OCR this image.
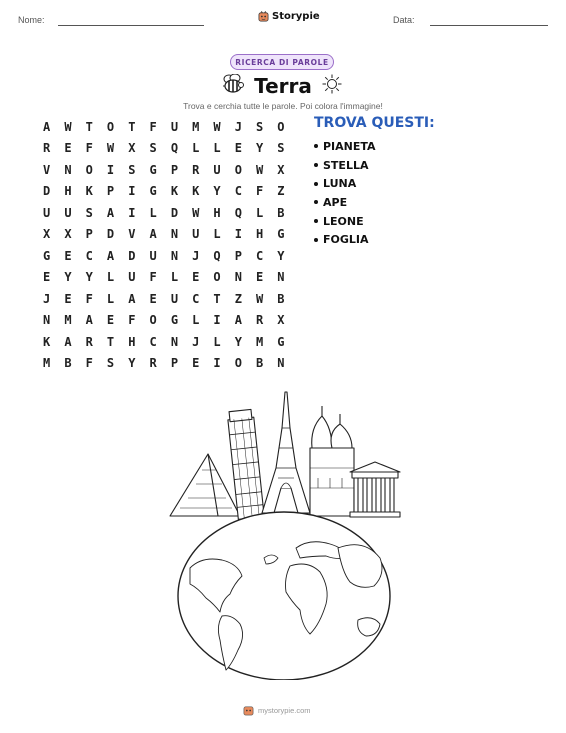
Nome:	Storypie	Data:
RICERCA DI PAROLE
Terra
Trova e cerchia tutte le parole. Poi colora l'immagine!
A	W	T	O	T	F	U	M	W	J	S	O
R	E	F	W	X	S	Q	L	L	E	Y	S
V	N	O	I	S	G	P	R	U	O	W	X
D	H	K	P	I	G	K	K	Y	C	F	Z
U	U	S	A	I	L	D	W	H	Q	L	B
X	X	P	D	V	A	N	U	L	I	H	G
G	E	C	A	D	U	N	J	Q	P	C	Y
E	Y	Y	L	U	F	L	E	O	N	E	N
J	E	F	L	A	E	U	C	T	Z	W	B
N	M	A	E	F	O	G	L	I	A	R	X
K	A	R	T	H	C	N	J	L	Y	M	G
M	B	F	S	Y	R	P	E	I	O	B	N
TROVA QUESTI:
PIANETA
STELLA
LUNA
APE
LEONE
FOGLIA
mystorypie.com
